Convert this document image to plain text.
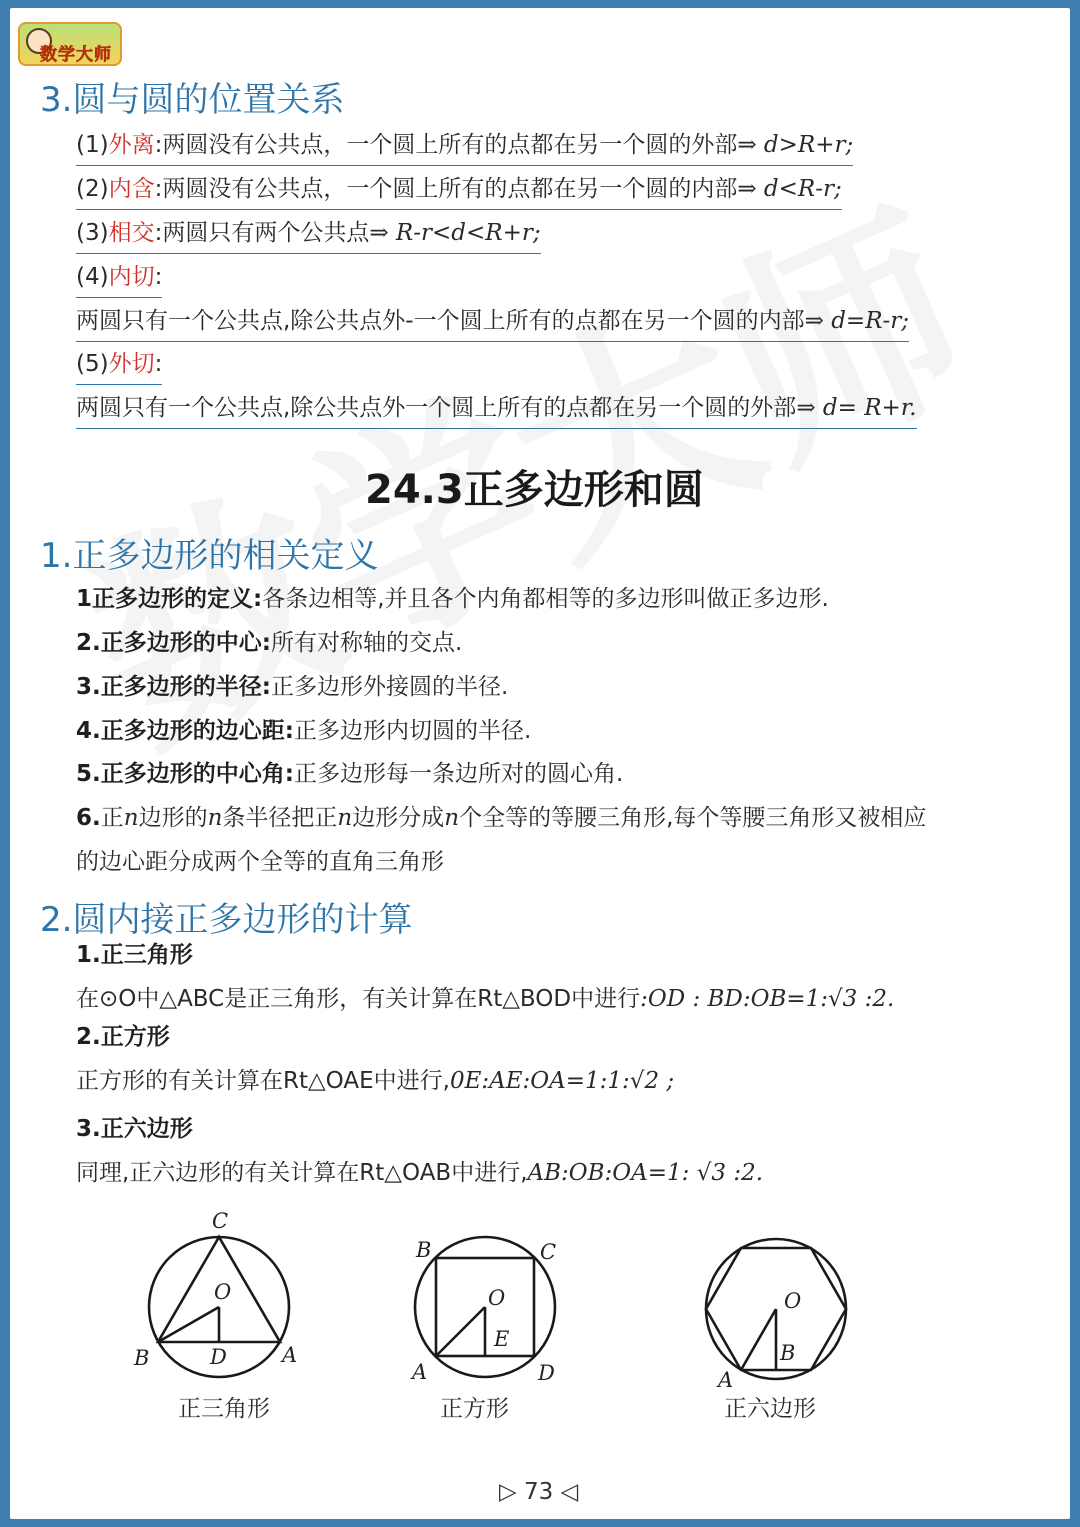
数学大师
3.圆与圆的位置关系
(1)外离:两圆没有公共点，一个圆上所有的点都在另一个圆的外部⇒ d>R+r;
(2)内含:两圆没有公共点，一个圆上所有的点都在另一个圆的内部⇒ d<R-r;
(3)相交:两圆只有两个公共点⇒ R-r<d<R+r;
(4)内切:
两圆只有一个公共点,除公共点外-一个圆上所有的点都在另一个圆的内部⇒ d=R-r;
(5)外切:
两圆只有一个公共点,除公共点外一个圆上所有的点都在另一个圆的外部⇒ d= R+r.
24.3正多边形和圆
1.正多边形的相关定义
1正多边形的定义:各条边相等,并且各个内角都相等的多边形叫做正多边形.
2.正多边形的中心:所有对称轴的交点.
3.正多边形的半径:正多边形外接圆的半径.
4.正多边形的边心距:正多边形内切圆的半径.
5.正多边形的中心角:正多边形每一条边所对的圆心角.
6.正n边形的n条半径把正n边形分成n个全等的等腰三角形,每个等腰三角形又被相应
的边心距分成两个全等的直角三角形
2.圆内接正多边形的计算
1.正三角形
在⊙O中△ABC是正三角形，有关计算在Rt△BOD中进行:OD : BD:OB=1:√3 :2.
2.正方形
正方形的有关计算在Rt△OAE中进行,0E:AE:OA=1:1:√2 ;
3.正六边形
同理,正六边形的有关计算在Rt△OAB中进行,AB:OB:OA=1: √3 :2.
C
O
B	D	A
B	C
O
E
A	D
O
B
A
正三角形	正方形	正六边形
▷ 73 ◁
